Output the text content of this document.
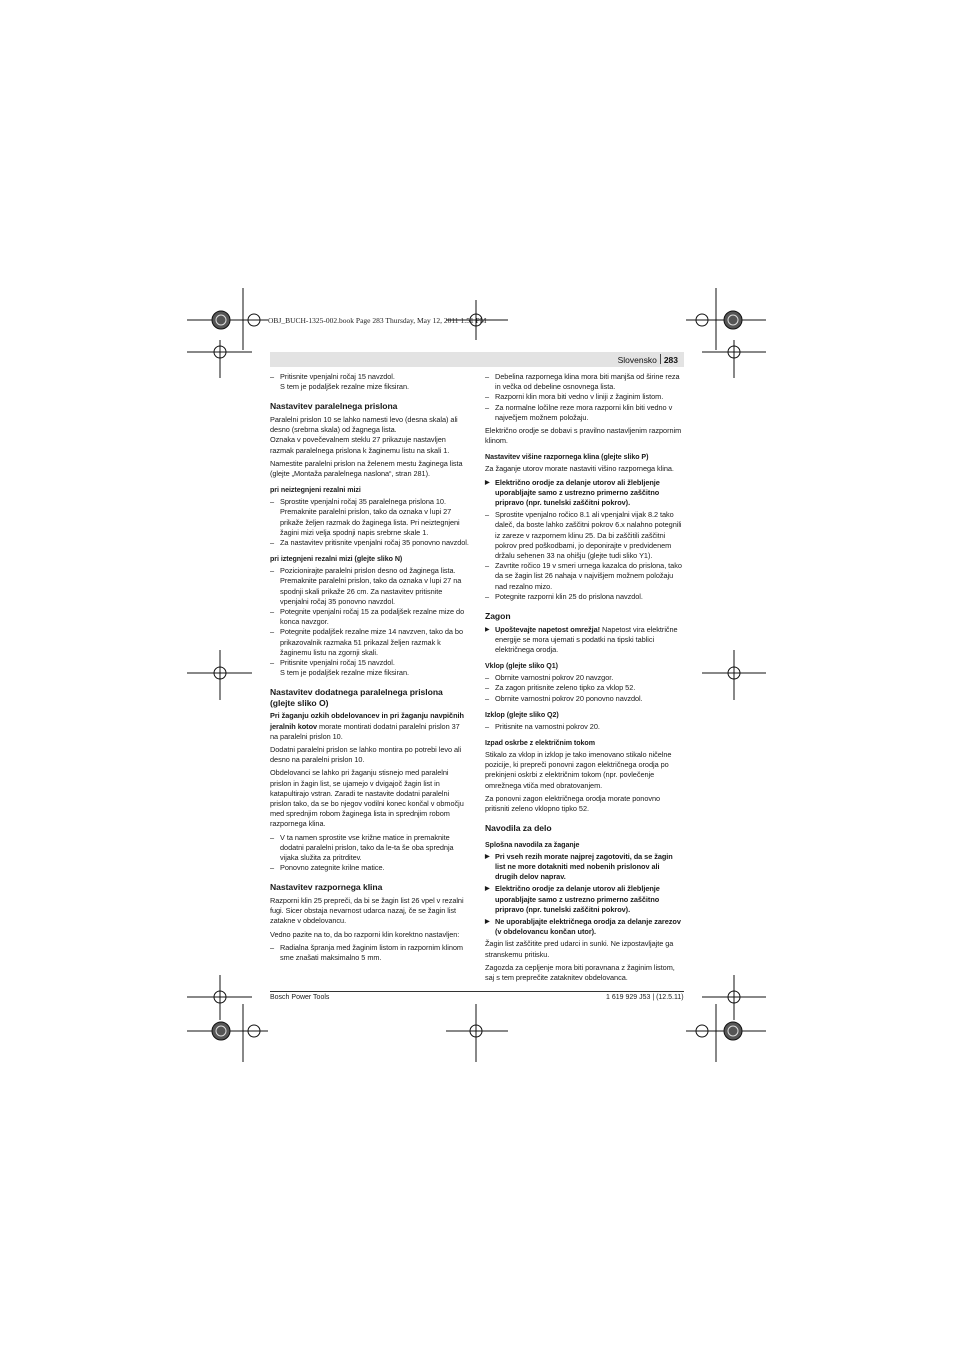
OBJ_BUCH-1325-002.book Page 283 Thursday, May 12, 2011 1:51 PM
Slovensko 283

– Pritisnite vpenjalni ročaj 15 navzdol.

S tem je podaljšek rezalne mize fiksiran.

Nastavitev paralelnega prislona

Paralelni prislon 10 se lahko namesti levo (desna skala) ali desno (srebrna skala) od žagnega lista.

Oznaka v povečevalnem steklu 27 prikazuje nastavljen razmak paralelnega prislona k žaginemu listu na skali 1.

Namestite paralelni prislon na želenem mestu žaginega lista (glejte „Montaža paralelnega naslona“, stran 281).

pri neiztegnjeni rezalni mizi

– Sprostite vpenjalni ročaj 35 paralelnega prislona 10. Premaknite paralelni prislon, tako da oznaka v lupi 27 prikaže željen razmak do žaginega lista. Pri neiztegnjeni žagini mizi velja spodnji napis srebrne skale 1.

– Za nastavitev pritisnite vpenjalni ročaj 35 ponovno navzdol.

pri iztegnjeni rezalni mizi (glejte sliko N)

– Pozicionirajte paralelni prislon desno od žaginega lista. Premaknite paralelni prislon, tako da oznaka v lupi 27 na spodnji skali prikaže 26 cm. Za nastavitev pritisnite vpenjalni ročaj 35 ponovno navzdol.

– Potegnite vpenjalni ročaj 15 za podaljšek rezalne mize do konca navzgor.

– Potegnite podaljšek rezalne mize 14 navzven, tako da bo prikazovalnik razmaka 51 prikazal željen razmak k žaginemu listu na zgornji skali.

– Pritisnite vpenjalni ročaj 15 navzdol.

S tem je podaljšek rezalne mize fiksiran.

Nastavitev dodatnega paralelnega prislona (glejte sliko O)

Pri žaganju ozkih obdelovancev in pri žaganju navpičnih jeralnih kotov morate montirati dodatni paralelni prislon 37 na paralelni prislon 10.

Dodatni paralelni prislon se lahko montira po potrebi levo ali desno na paralelni prislon 10.

Obdelovanci se lahko pri žaganju stisnejo med paralelni prislon in žagin list, se ujamejo v dvigajoč žagin list in katapultirajo vstran. Zaradi te nastavite dodatni paralelni prislon tako, da se bo njegov vodilni konec končal v območju med sprednjim robom žaginega lista in sprednjim robom razpornega klina.

– V ta namen sprostite vse križne matice in premaknite dodatni paralelni prislon, tako da le-ta še oba sprednja vijaka služita za pritrditev.

– Ponovno zategnite krilne matice.

Nastavitev razpornega klina

Razporni klin 25 prepreči, da bi se žagin list 26 vpel v rezalni fugi. Sicer obstaja nevarnost udarca nazaj, če se žagin list zatakne v obdelovancu.

Vedno pazite na to, da bo razporni klin korektno nastavljen:

– Radialna špranja med žaginim listom in razpornim klinom sme znašati maksimalno 5 mm.

– Debelina razpornega klina mora biti manjša od širine reza in večka od debeline osnovnega lista.

– Razporni klin mora biti vedno v liniji z žaginim listom.

– Za normalne ločilne reze mora razporni klin biti vedno v največjem možnem položaju.

Električno orodje se dobavi s pravilno nastavljenim razpornim klinom.

Nastavitev višine razpornega klina (glejte sliko P)

Za žaganje utorov morate nastaviti višino razpornega klina.

▶ Električno orodje za delanje utorov ali žlebljenje uporabljajte samo z ustrezno primerno zaščitno pripravo (npr. tunelski zaščitni pokrov).

– Sprostite vpenjalno ročico 8.1 ali vpenjalni vijak 8.2 tako daleč, da boste lahko zaščitni pokrov 6.x nalahno potegnili iz zareze v razpornem klinu 25. Da bi zaščitili zaščitni pokrov pred poškodbami, jo deponirajte v predvidenem držalu sehenen 33 na ohišju (glejte tudi sliko Y1).

– Zavrtite ročico 19 v smeri urnega kazalca do prislona, tako da se žagin list 26 nahaja v najvišjem možnem položaju nad rezalno mizo.

– Potegnite razporni klin 25 do prislona navzdol.

Zagon

▶ Upoštevajte napetost omrežja! Napetost vira električne energije se mora ujemati s podatki na tipski tablici električnega orodja.

Vklop (glejte sliko Q1)

– Obrnite varnostni pokrov 20 navzgor.

– Za zagon pritisnite zeleno tipko za vklop 52.

– Obrnite varnostni pokrov 20 ponovno navzdol.

Izklop (glejte sliko Q2)

– Pritisnite na varnostni pokrov 20.

Izpad oskrbe z električnim tokom

Stikalo za vklop in izklop je tako imenovano stikalo ničelne pozicije, ki prepreči ponovni zagon električnega orodja po prekinjeni oskrbi z električnim tokom (npr. povlečenje omrežnega vtiča med obratovanjem.

Za ponovni zagon električnega orodja morate ponovno pritisniti zeleno vklopno tipko 52.

Navodila za delo
Splošna navodila za žaganje

▶ Pri vseh rezih morate najprej zagotoviti, da se žagin list ne more dotakniti med nobenih prislonov ali drugih delov naprav.

▶ Električno orodje za delanje utorov ali žlebljenje uporabljajte samo z ustrezno primerno zaščitno pripravo (npr. tunelski zaščitni pokrov).

▶ Ne uporabljajte električnega orodja za delanje zarezov (v obdelovancu končan utor).

Žagin list zaščitite pred udarci in sunki. Ne izpostavljajte ga stranskemu pritisku.

Zagozda za cepljenje mora biti poravnana z žaginim listom, saj s tem preprečite zataknitev obdelovanca.

Bosch Power Tools	1 619 929 J53 | (12.5.11)
